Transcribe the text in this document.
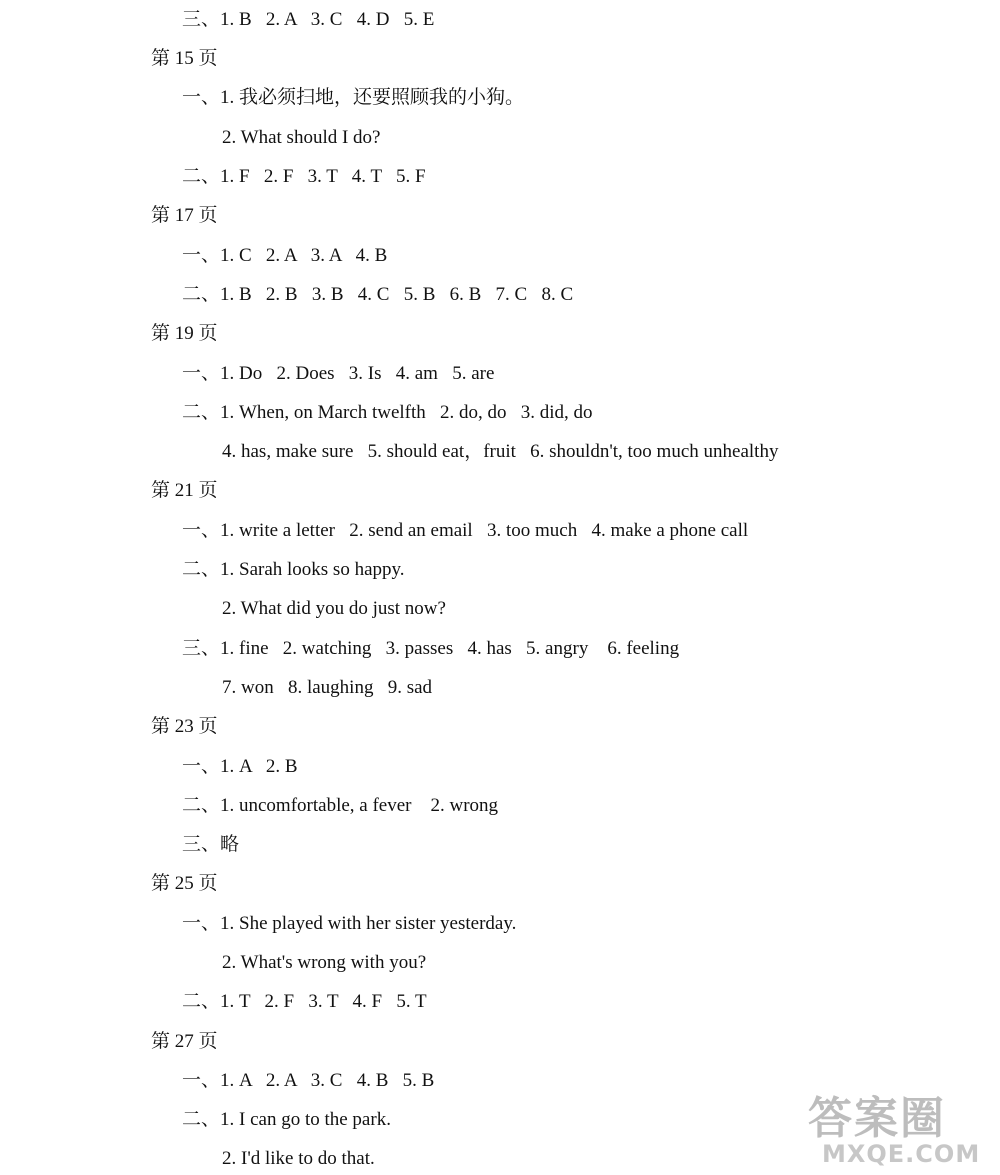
三、1. B   2. A   3. C   4. D   5. E
第 15 页
一、1. 我必须扫地，还要照顾我的小狗。
2. What should I do?
二、1. F   2. F   3. T   4. T   5. F
第 17 页
一、1. C   2. A   3. A   4. B
二、1. B   2. B   3. B   4. C   5. B   6. B   7. C   8. C
第 19 页
一、1. Do   2. Does   3. Is   4. am   5. are
二、1. When, on March twelfth   2. do, do   3. did, do
4. has, make sure   5. should eat，fruit   6. shouldn't, too much unhealthy
第 21 页
一、1. write a letter   2. send an email   3. too much   4. make a phone call
二、1. Sarah looks so happy.
2. What did you do just now?
三、1. fine   2. watching   3. passes   4. has   5. angry    6. feeling
7. won   8. laughing   9. sad
第 23 页
一、1. A   2. B
二、1. uncomfortable, a fever    2. wrong
三、略
第 25 页
一、1. She played with her sister yesterday.
2. What's wrong with you?
二、1. T   2. F   3. T   4. F   5. T
第 27 页
一、1. A   2. A   3. C   4. B   5. B
二、1. I can go to the park.
2. I'd like to do that.
答案圈
MXQE.COM
